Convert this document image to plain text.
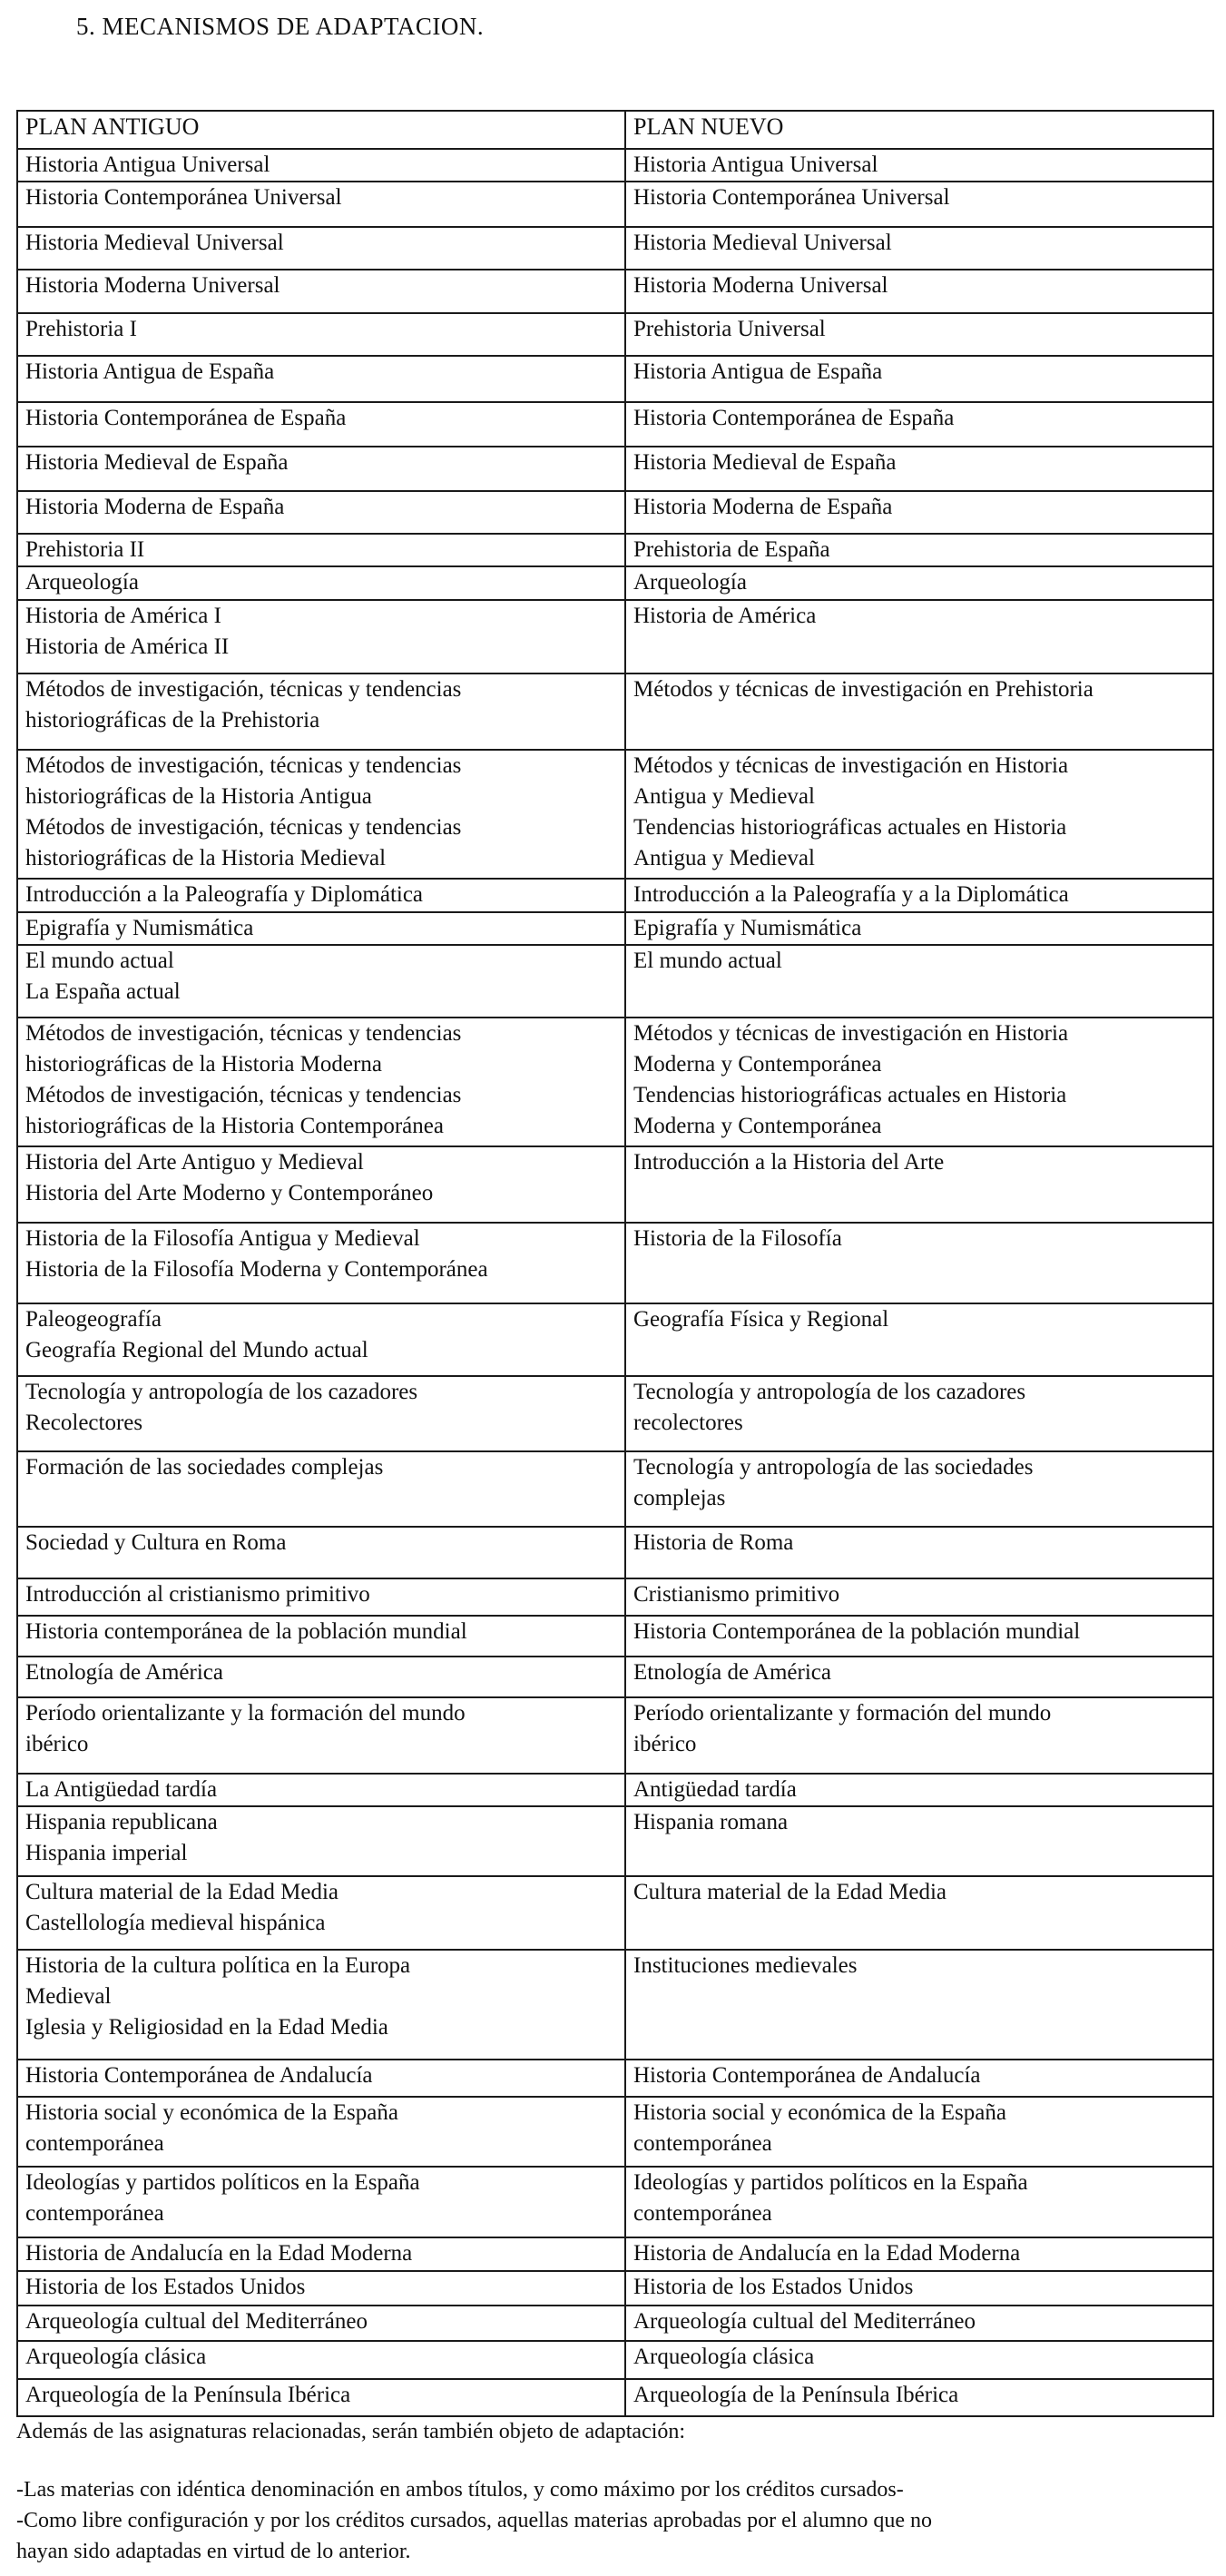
5. MECANISMOS DE ADAPTACION.
PLAN ANTIGUO	PLAN NUEVO

Historia Antigua Universal	Historia Antigua Universal

Historia Contemporánea Universal	Historia Contemporánea Universal

Historia Medieval Universal	Historia Medieval Universal

Historia Moderna Universal	Historia Moderna Universal

Prehistoria I	Prehistoria Universal

Historia Antigua de España	Historia Antigua de España

Historia Contemporánea de España	Historia Contemporánea de España

Historia Medieval de España	Historia Medieval de España

Historia Moderna de España	Historia Moderna de España

Prehistoria II	Prehistoria de España

Arqueología	Arqueología

Historia de América I
Historia de América II	Historia de América

Métodos de investigación, técnicas y tendencias
historiográficas de la Prehistoria	Métodos y técnicas de investigación en Prehistoria

Métodos de investigación, técnicas y tendencias
historiográficas de la Historia Antigua
Métodos de investigación, técnicas y tendencias
historiográficas de la Historia Medieval	Métodos y técnicas de investigación en Historia
Antigua y Medieval
Tendencias historiográficas actuales en Historia
Antigua y Medieval

Introducción a la Paleografía y Diplomática	Introducción a la Paleografía y a la Diplomática

Epigrafía y Numismática	Epigrafía y Numismática

El mundo actual
La España actual	El mundo actual

Métodos de investigación, técnicas y tendencias
historiográficas de la Historia Moderna
Métodos de investigación, técnicas y tendencias
historiográficas de la Historia Contemporánea	Métodos y técnicas de investigación en Historia
Moderna y Contemporánea
Tendencias historiográficas actuales en Historia
Moderna y Contemporánea

Historia del Arte Antiguo y Medieval
Historia del Arte Moderno y Contemporáneo	Introducción a la Historia del Arte

Historia de la Filosofía Antigua y Medieval
Historia de la Filosofía Moderna y Contemporánea	Historia de la Filosofía

Paleogeografía
Geografía Regional del Mundo actual	Geografía Física y Regional

Tecnología y antropología de los cazadores
Recolectores	Tecnología y antropología de los cazadores
recolectores

Formación de las sociedades complejas	Tecnología y antropología de las sociedades
complejas

Sociedad y Cultura en Roma	Historia de Roma

Introducción al cristianismo primitivo	Cristianismo primitivo

Historia contemporánea de la población mundial	Historia Contemporánea de la población mundial

Etnología de América	Etnología de América

Período orientalizante y la formación del mundo
ibérico	Período orientalizante y formación del mundo
ibérico

La Antigüedad tardía	Antigüedad tardía

Hispania republicana
Hispania imperial	Hispania romana

Cultura material de la Edad Media
Castellología medieval hispánica	Cultura material de la Edad Media

Historia de la cultura política en la Europa
Medieval
Iglesia y Religiosidad en la Edad Media	Instituciones medievales

Historia Contemporánea de Andalucía	Historia Contemporánea de Andalucía

Historia social y económica de la España
contemporánea	Historia social y económica de la España
contemporánea

Ideologías y partidos políticos en la España
contemporánea	Ideologías y partidos políticos en la España
contemporánea

Historia de Andalucía en la Edad Moderna	Historia de Andalucía en la Edad Moderna

Historia de los Estados Unidos	Historia de los Estados Unidos

Arqueología cultual del Mediterráneo	Arqueología cultual del Mediterráneo

Arqueología clásica	Arqueología clásica

Arqueología de la Península Ibérica	Arqueología de la Península Ibérica

Además de las asignaturas relacionadas, serán también objeto de adaptación:

-Las materias con idéntica denominación en ambos títulos, y como máximo por los créditos cursados-

-Como libre configuración y por los créditos cursados, aquellas materias aprobadas por el alumno que no

hayan sido adaptadas en virtud de lo anterior.
